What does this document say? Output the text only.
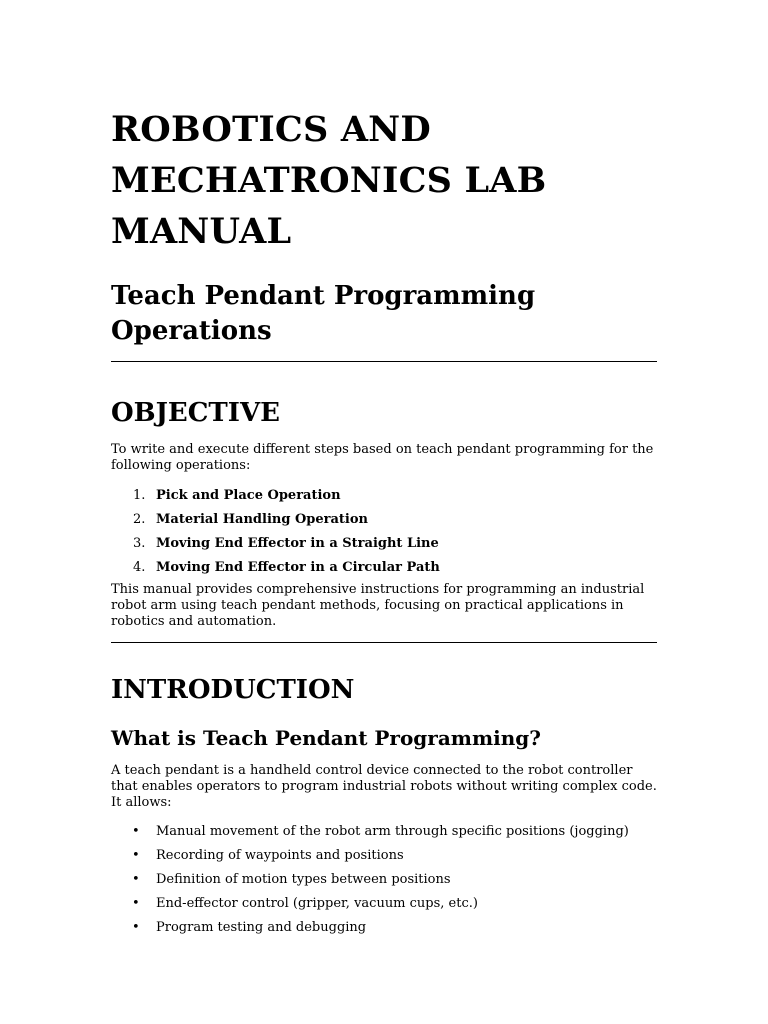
ROBOTICS AND
MECHATRONICS LAB
MANUAL
Teach Pendant Programming
Operations
OBJECTIVE

To write and execute different steps based on teach pendant programming for the following operations:

1. Pick and Place Operation
2. Material Handling Operation
3. Moving End Effector in a Straight Line
4. Moving End Effector in a Circular Path

This manual provides comprehensive instructions for programming an industrial robot arm using teach pendant methods, focusing on practical applications in robotics and automation.

INTRODUCTION
What is Teach Pendant Programming?

A teach pendant is a handheld control device connected to the robot controller that enables operators to program industrial robots without writing complex code. It allows:

• Manual movement of the robot arm through specific positions (jogging)
• Recording of waypoints and positions
• Definition of motion types between positions
• End-effector control (gripper, vacuum cups, etc.)
• Program testing and debugging
